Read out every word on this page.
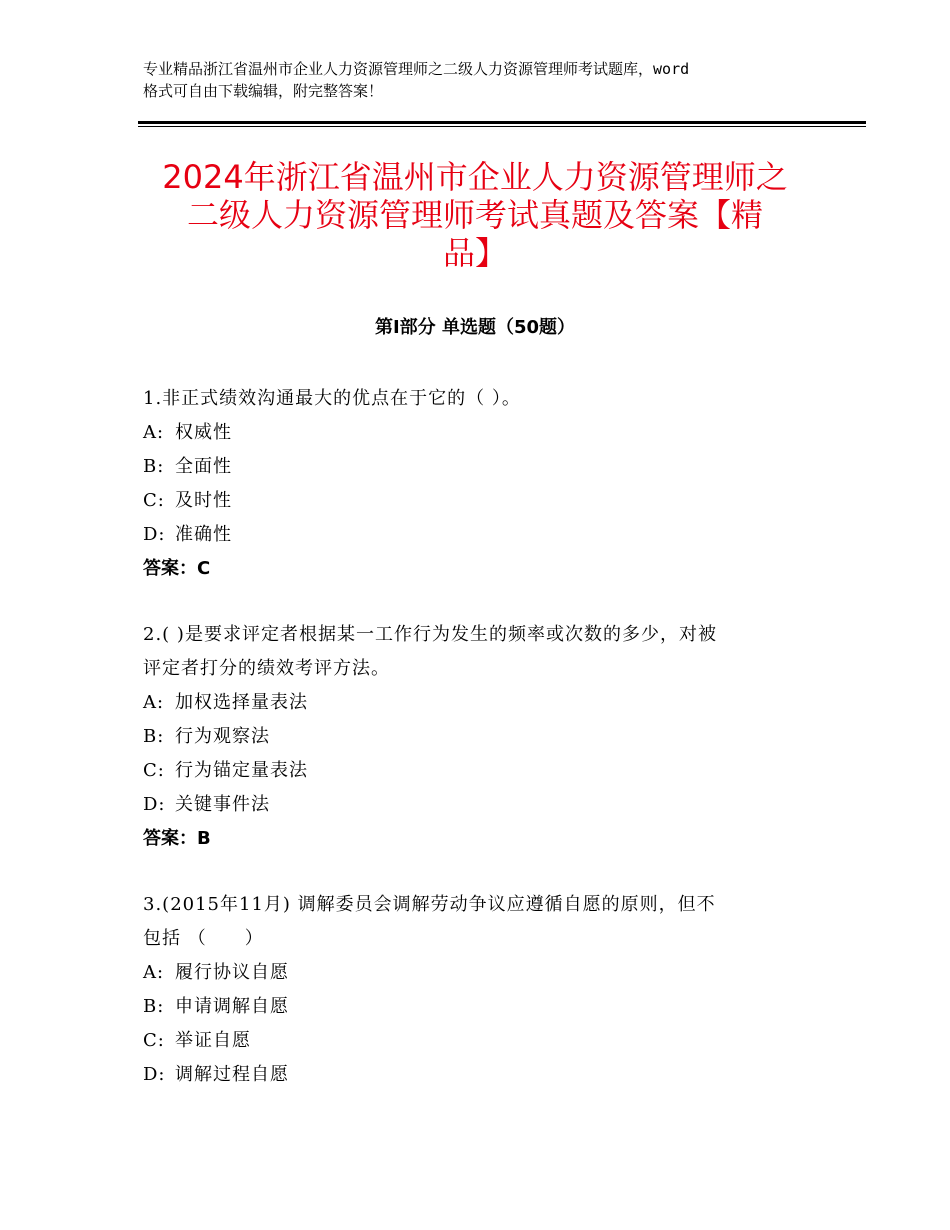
专业精品浙江省温州市企业人力资源管理师之二级人力资源管理师考试题库，word
格式可自由下载编辑，附完整答案！
2024年浙江省温州市企业人力资源管理师之
二级人力资源管理师考试真题及答案【精
品】
第Ⅰ部分 单选题（50题）

1.非正式绩效沟通最大的优点在于它的（ ）。

A: 权威性

B: 全面性

C: 及时性

D: 准确性

答案：C

2.( )是要求评定者根据某一工作行为发生的频率或次数的多少，对被

评定者打分的绩效考评方法。

A: 加权选择量表法

B: 行为观察法

C: 行为锚定量表法

D: 关键事件法

答案：B

3.(2015年11月) 调解委员会调解劳动争议应遵循自愿的原则，但不

包括 （　　）

A: 履行协议自愿

B: 申请调解自愿

C: 举证自愿

D: 调解过程自愿
